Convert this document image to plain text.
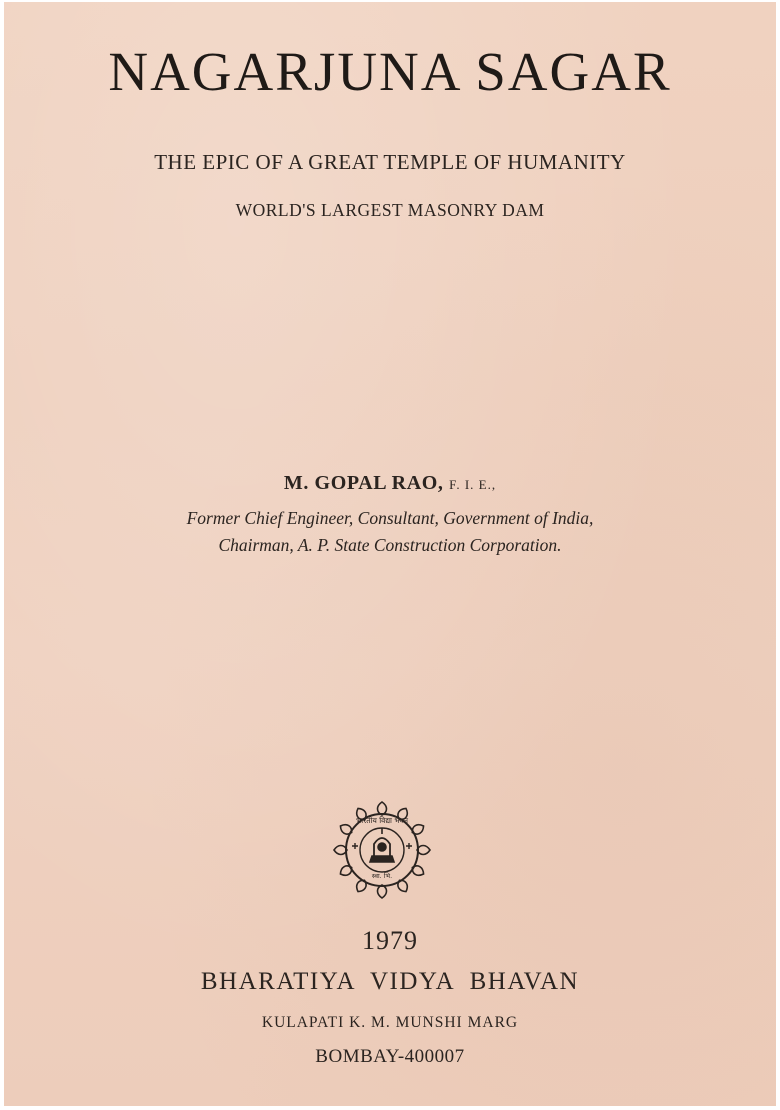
NAGARJUNA SAGAR
THE EPIC OF A GREAT TEMPLE OF HUMANITY
WORLD'S LARGEST MASONRY DAM
M. GOPAL RAO, F. I. E.,
Former Chief Engineer, Consultant, Government of India,
Chairman, A. P. State Construction Corporation.
भारतीय विद्या भवन
स्वा. भि.
1979
BHARATIYA VIDYA BHAVAN
KULAPATI K. M. MUNSHI MARG
BOMBAY-400007
